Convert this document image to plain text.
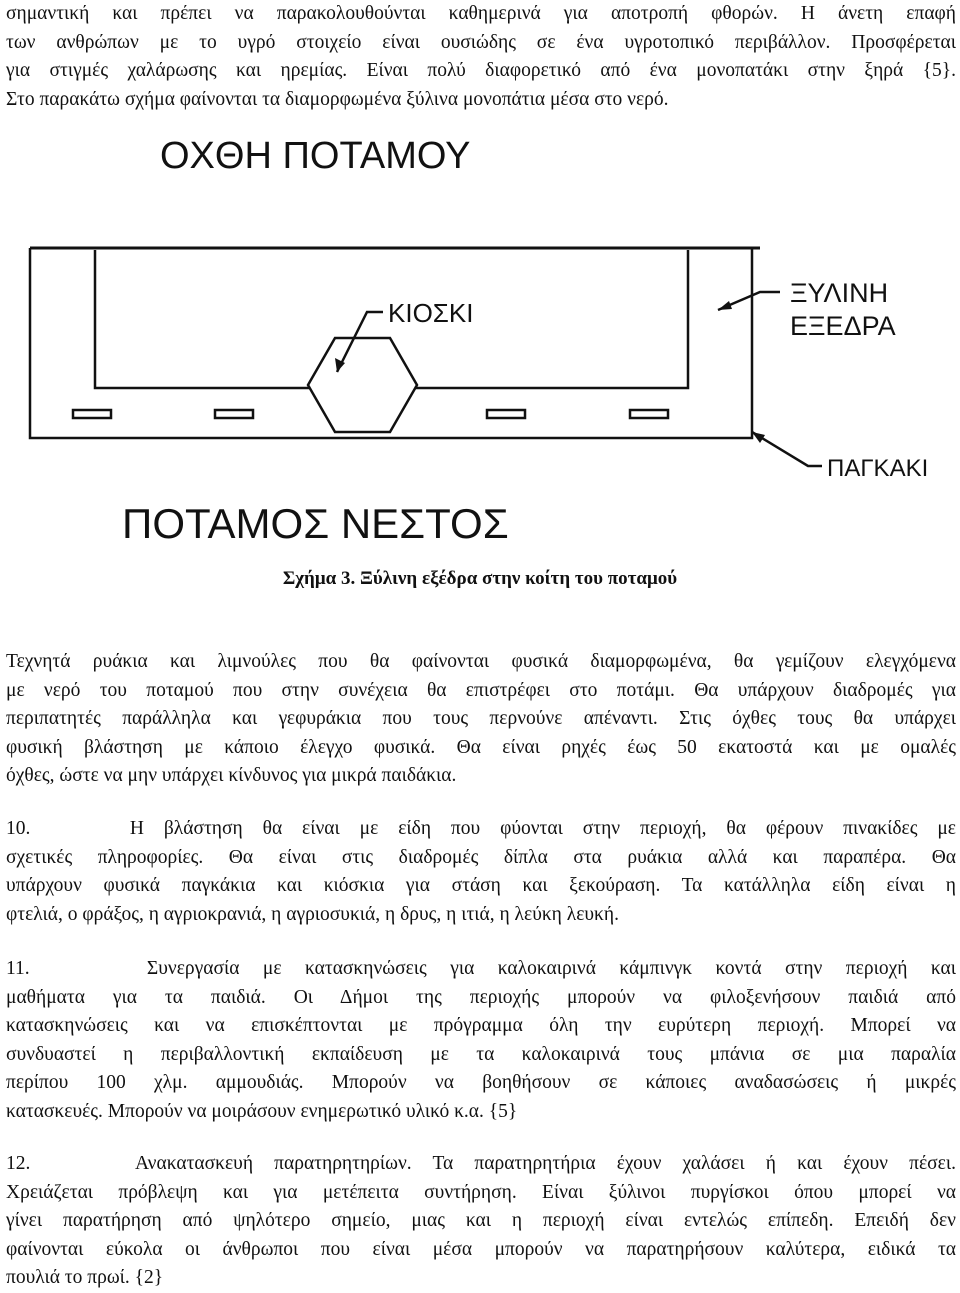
σημαντική και πρέπει να παρακολουθούνται καθημερινά για αποτροπή φθορών. Η άνετη επαφή
των ανθρώπων με το υγρό στοιχείο είναι ουσιώδης σε ένα υγροτοπικό περιβάλλον. Προσφέρεται
για στιγμές χαλάρωσης και ηρεμίας. Είναι πολύ διαφορετικό από ένα μονοπατάκι στην ξηρά {5}.
Στο παρακάτω σχήμα φαίνονται τα διαμορφωμένα ξύλινα μονοπάτια μέσα στο νερό.

ΟΧΘΗ ΠΟΤΑΜΟΥ
ΚΙΟΣΚΙ
ΞΥΛΙΝΗ
ΕΞΕΔΡΑ
ΠΑΓΚΑΚΙ
ΠΟΤΑΜΟΣ ΝΕΣΤΟΣ
Σχήμα 3. Ξύλινη εξέδρα στην κοίτη του ποταμού

Τεχνητά ρυάκια και λιμνούλες που θα φαίνονται φυσικά διαμορφωμένα, θα γεμίζουν ελεγχόμενα
με νερό του ποταμού που στην συνέχεια θα επιστρέφει στο ποτάμι. Θα υπάρχουν διαδρομές για
περιπατητές παράλληλα και γεφυράκια που τους περνούνε απέναντι. Στις όχθες τους θα υπάρχει
φυσική βλάστηση με κάποιο έλεγχο φυσικά. Θα είναι ρηχές έως 50 εκατοστά και με ομαλές
όχθες, ώστε να μην υπάρχει κίνδυνος για μικρά παιδάκια.

10.     Η βλάστηση θα είναι με είδη που φύονται στην περιοχή, θα φέρουν πινακίδες με
σχετικές πληροφορίες. Θα είναι στις διαδρομές δίπλα στα ρυάκια αλλά και παραπέρα. Θα
υπάρχουν φυσικά παγκάκια και κιόσκια για στάση και ξεκούραση. Τα κατάλληλα είδη είναι η
φτελιά, ο φράξος, η αγριοκρανιά, η αγριοσυκιά, η δρυς, η ιτιά, η λεύκη λευκή.

11.     Συνεργασία με κατασκηνώσεις για καλοκαιρινά κάμπινγκ κοντά στην περιοχή και
μαθήματα για τα παιδιά. Οι Δήμοι της περιοχής μπορούν να φιλοξενήσουν παιδιά από
κατασκηνώσεις και να επισκέπτονται με πρόγραμμα όλη την ευρύτερη περιοχή. Μπορεί να
συνδυαστεί η περιβαλλοντική εκπαίδευση με τα καλοκαιρινά τους μπάνια σε μια παραλία
περίπου 100 χλμ. αμμουδιάς. Μπορούν να βοηθήσουν σε κάποιες αναδασώσεις ή μικρές
κατασκευές. Μπορούν να μοιράσουν ενημερωτικό υλικό κ.α. {5}

12.     Ανακατασκευή παρατηρητηρίων. Τα παρατηρητήρια έχουν χαλάσει ή και έχουν πέσει.
Χρειάζεται πρόβλεψη και για μετέπειτα συντήρηση. Είναι ξύλινοι πυργίσκοι όπου μπορεί να
γίνει παρατήρηση από ψηλότερο σημείο, μιας και η περιοχή είναι εντελώς επίπεδη. Επειδή δεν
φαίνονται εύκολα οι άνθρωποι που είναι μέσα μπορούν να παρατηρήσουν καλύτερα, ειδικά τα
πουλιά το πρωί. {2}
